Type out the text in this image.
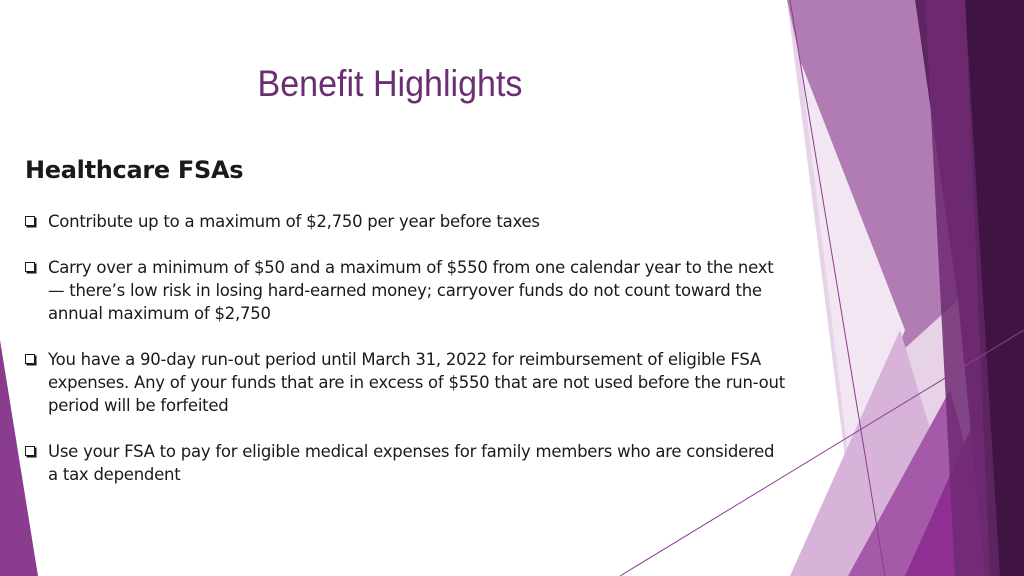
Benefit Highlights
Healthcare FSAs
Contribute up to a maximum of $2,750 per year before taxes
Carry over a minimum of $50 and a maximum of $550 from one calendar year to the next — there’s low risk in losing hard-earned money; carryover funds do not count toward the annual maximum of $2,750
You have a 90-day run-out period until March 31, 2022 for reimbursement of eligible FSA expenses. Any of your funds that are in excess of $550 that are not used before the run-out period will be forfeited
Use your FSA to pay for eligible medical expenses for family members who are considered a tax dependent
